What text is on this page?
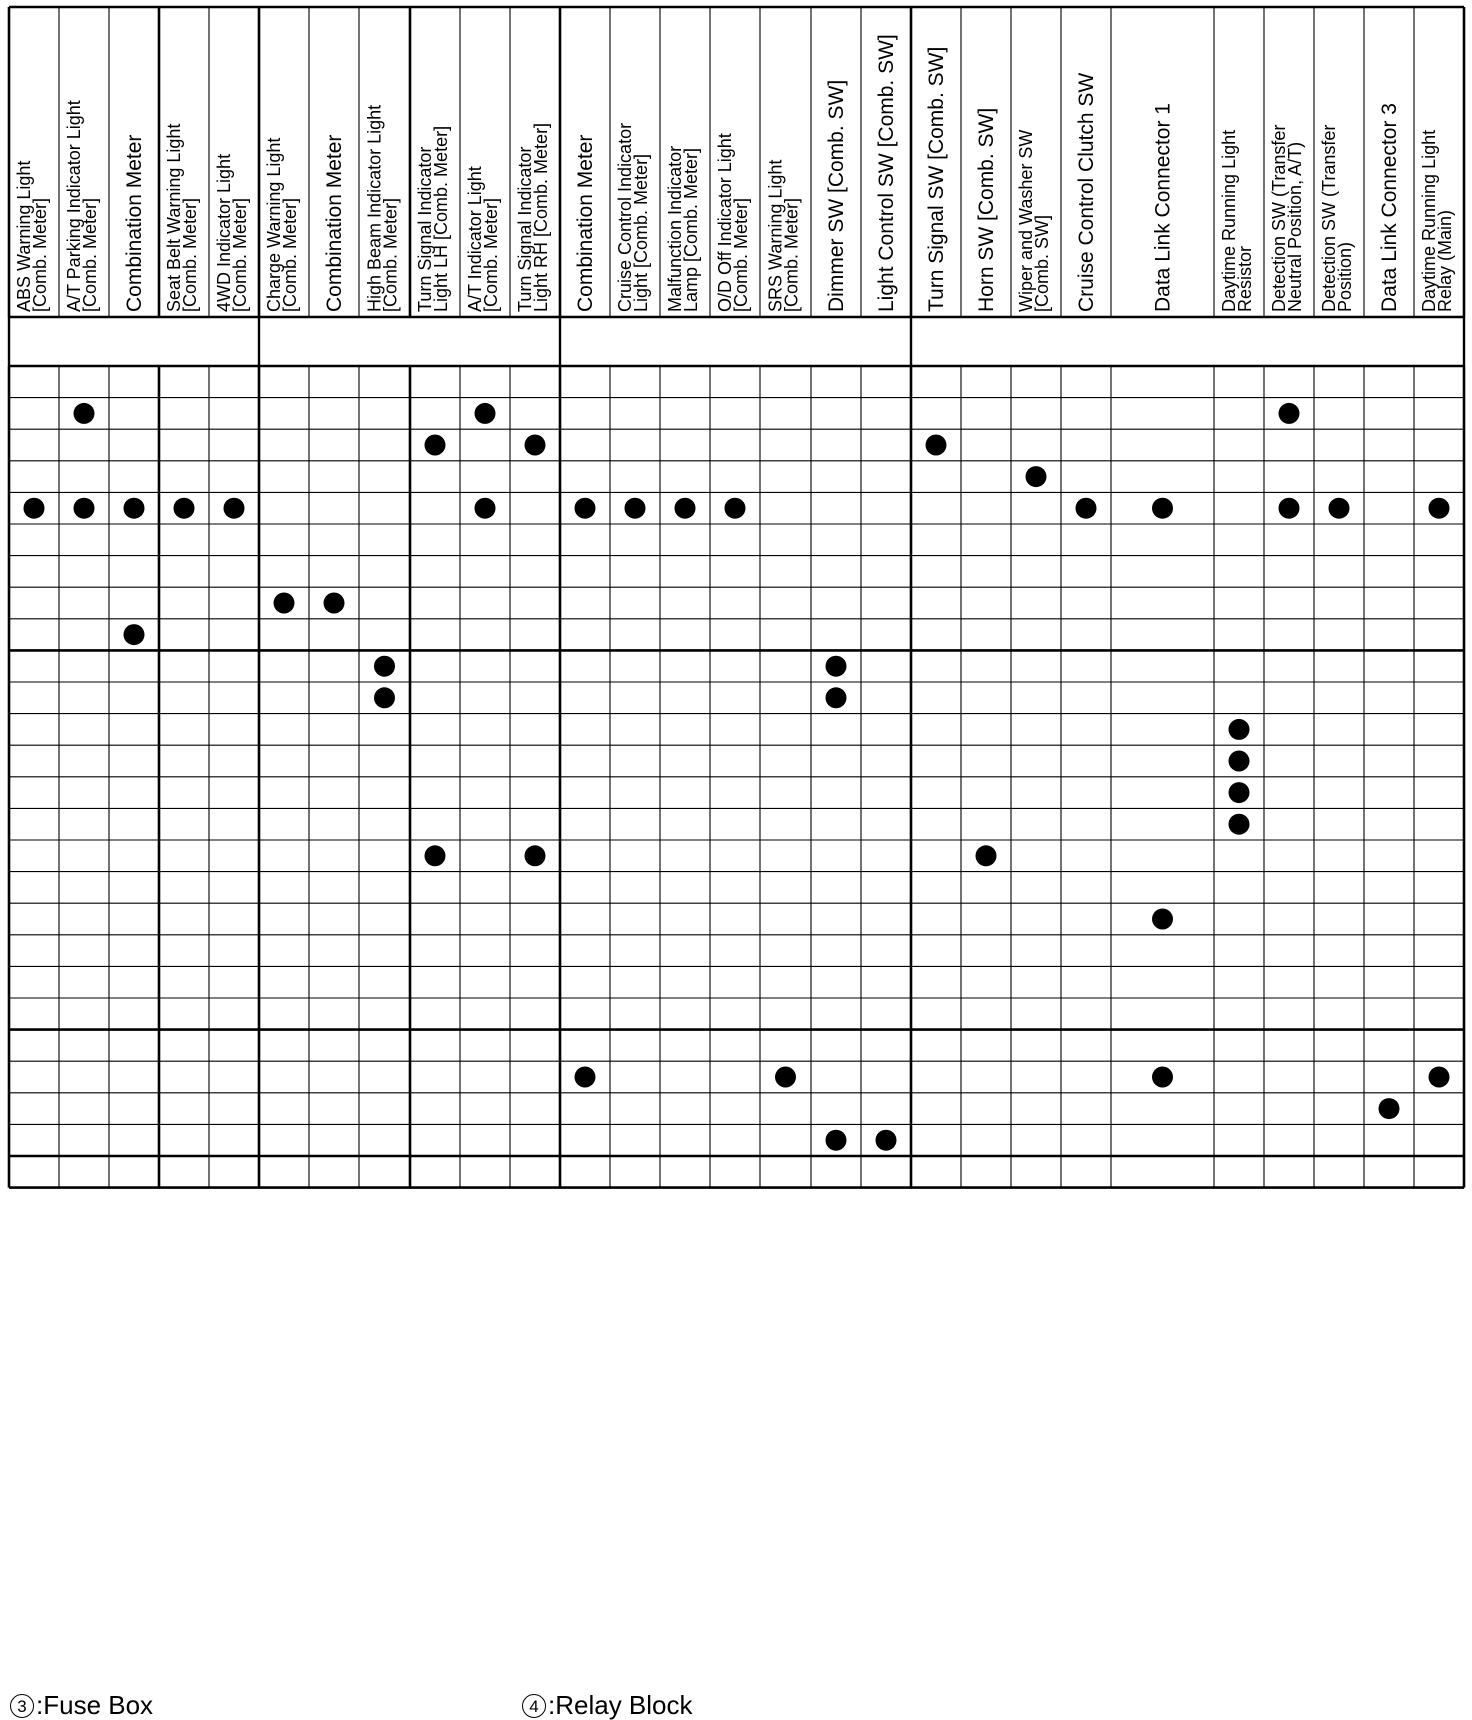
ABS Warning Light[Comb. Meter] A/T Parking Indicator Light[Comb. Meter] Combination Meter Seat Belt Warning Light[Comb. Meter] 4WD Indicator Light[Comb. Meter] Charge Warning Light[Comb. Meter] Combination Meter High Beam Indicator Light[Comb. Meter] Turn Signal IndicatorLight LH [Comb. Meter] A/T Indicator Light[Comb. Meter] Turn Signal IndicatorLight RH [Comb. Meter] Combination Meter Cruise Control IndicatorLight [Comb. Meter] Malfunction IndicatorLamp [Comb. Meter] O/D Off Indicator Light[Comb. Meter] SRS Warning Light[Comb. Meter] Dimmer SW [Comb. SW] Light Control SW [Comb. SW] Turn Signal SW [Comb. SW] Horn SW [Comb. SW] Wiper and Washer SW[Comb. SW] Cruise Control Clutch SW	Data Link Connector 1 Daytime Running LightResistor Detection SW (TransferNeutral Position, A/T) Detection SW (TransferPosition) Data Link Connector 3 Daytime Running LightRelay (Main)
3 :Fuse Box	4 :Relay Block
